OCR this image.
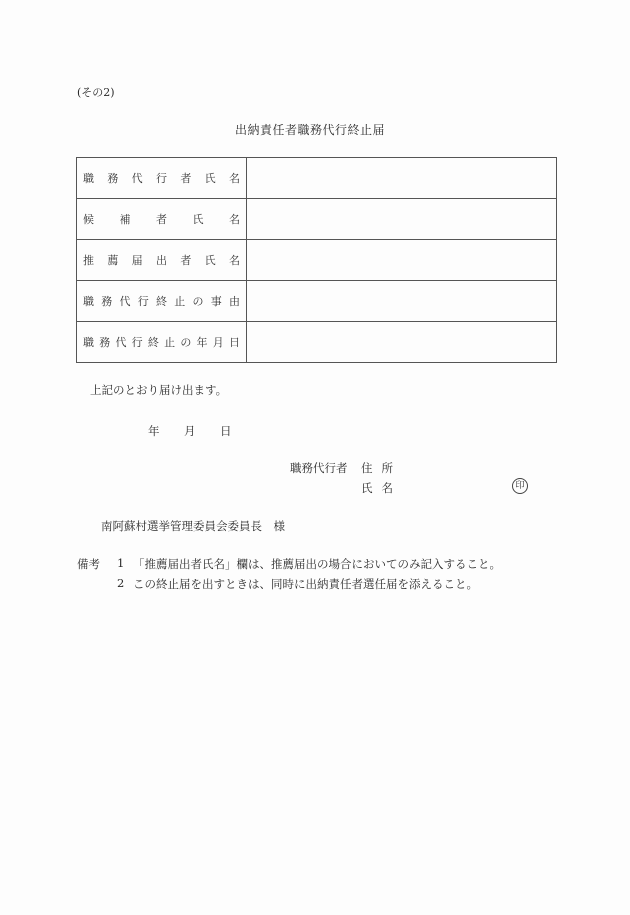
(その2)
出納責任者職務代行終止届
職 務 代 行 者 氏 名

候 補 者 氏 名	

推 薦 届 出 者 氏 名

職 務 代 行 終 止 の 事 由

職 務 代 行 終 止 の 年 月 日

上記のとおり届け出ます。
年 月 日
職務代行者 住所
氏名	印
南阿蘇村選挙管理委員会委員長　様
備考 1 「推薦届出者氏名」欄は、推薦届出の場合においてのみ記入すること。
2 この終止届を出すときは、同時に出納責任者選任届を添えること。
